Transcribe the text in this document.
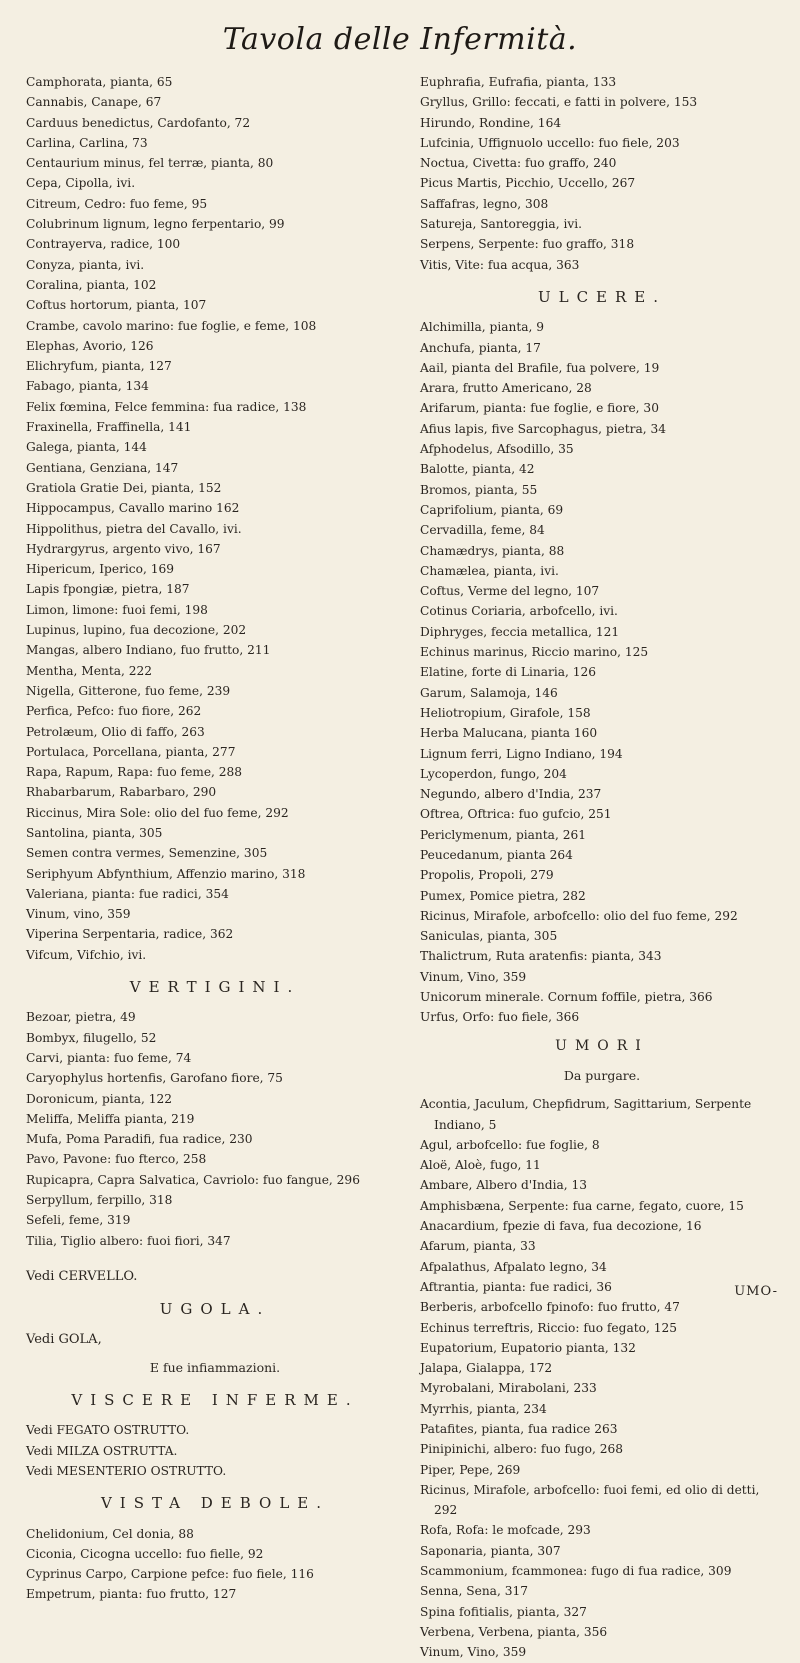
Tavola delle Infermità.
Camphorata, pianta, 65
Cannabis, Canape, 67
Carduus benedictus, Cardofanto, 72
Carlina, Carlina, 73
Centaurium minus, fel terræ, pianta, 80
Cepa, Cipolla, ivi.
Citreum, Cedro: fuo feme, 95
Colubrinum lignum, legno ferpentario, 99
Contrayerva, radice, 100
Conyza, pianta, ivi.
Coralina, pianta, 102
Coftus hortorum, pianta, 107
Crambe, cavolo marino: fue foglie, e feme, 108
Elephas, Avorio, 126
Elichryfum, pianta, 127
Fabago, pianta, 134
Felix fœmina, Felce femmina: fua radice, 138
Fraxinella, Fraffinella, 141
Galega, pianta, 144
Gentiana, Genziana, 147
Gratiola Gratie Dei, pianta, 152
Hippocampus, Cavallo marino 162
Hippolithus, pietra del Cavallo, ivi.
Hydrargyrus, argento vivo, 167
Hipericum, Iperico, 169
Lapis fpongiæ, pietra, 187
Limon, limone: fuoi femi, 198
Lupinus, lupino, fua decozione, 202
Mangas, albero Indiano, fuo frutto, 211
Mentha, Menta, 222
Nigella, Gitterone, fuo feme, 239
Perfica, Pefco: fuo fiore, 262
Petrolæum, Olio di faffo, 263
Portulaca, Porcellana, pianta, 277
Rapa, Rapum, Rapa: fuo feme, 288
Rhabarbarum, Rabarbaro, 290
Riccinus, Mira Sole: olio del fuo feme, 292
Santolina, pianta, 305
Semen contra vermes, Semenzine, 305
Seriphyum Abfynthium, Affenzio marino, 318
Valeriana, pianta: fue radici, 354
Vinum, vino, 359
Viperina Serpentaria, radice, 362
Vifcum, Vifchio, ivi.
VERTIGINI.
Bezoar, pietra, 49
Bombyx, filugello, 52
Carvi, pianta: fuo feme, 74
Caryophylus hortenfis, Garofano fiore, 75
Doronicum, pianta, 122
Meliffa, Meliffa pianta, 219
Mufa, Poma Paradifi, fua radice, 230
Pavo, Pavone: fuo fterco, 258
Rupicapra, Capra Salvatica, Cavriolo: fuo fangue, 296
Serpyllum, ferpillo, 318
Sefeli, feme, 319
Tilia, Tiglio albero: fuoi fiori, 347
Vedi CERVELLO.
UGOLA.
Vedi GOLA,
E fue infiammazioni.
VISCERE INFERME.
Vedi FEGATO OSTRUTTO.
Vedi MILZA OSTRUTTA.
Vedi MESENTERIO OSTRUTTO.
VISTA DEBOLE.
Chelidonium, Cel donia, 88
Ciconia, Cicogna uccello: fuo fielle, 92
Cyprinus Carpo, Carpione pefce: fuo fiele, 116
Empetrum, pianta: fuo frutto, 127
Euphrafia, Eufrafia, pianta, 133
Gryllus, Grillo: feccati, e fatti in polvere, 153
Hirundo, Rondine, 164
Lufcinia, Uffignuolo uccello: fuo fiele, 203
Noctua, Civetta: fuo graffo, 240
Picus Martis, Picchio, Uccello, 267
Saffafras, legno, 308
Satureja, Santoreggia, ivi.
Serpens, Serpente: fuo graffo, 318
Vitis, Vite: fua acqua, 363
ULCERE.
Alchimilla, pianta, 9
Anchufa, pianta, 17
Aail, pianta del Brafile, fua polvere, 19
Arara, frutto Americano, 28
Arifarum, pianta: fue foglie, e fiore, 30
Afius lapis, five Sarcophagus, pietra, 34
Afphodelus, Afsodillo, 35
Balotte, pianta, 42
Bromos, pianta, 55
Caprifolium, pianta, 69
Cervadilla, feme, 84
Chamædrys, pianta, 88
Chamælea, pianta, ivi.
Coftus, Verme del legno, 107
Cotinus Coriaria, arbofcello, ivi.
Diphryges, feccia metallica, 121
Echinus marinus, Riccio marino, 125
Elatine, forte di Linaria, 126
Garum, Salamoja, 146
Heliotropium, Girafole, 158
Herba Malucana, pianta 160
Lignum ferri, Ligno Indiano, 194
Lycoperdon, fungo, 204
Negundo, albero d'India, 237
Oftrea, Oftrica: fuo gufcio, 251
Periclymenum, pianta, 261
Peucedanum, pianta 264
Propolis, Propoli, 279
Pumex, Pomice pietra, 282
Ricinus, Mirafole, arbofcello: olio del fuo feme, 292
Saniculas, pianta, 305
Thalictrum, Ruta aratenfis: pianta, 343
Vinum, Vino, 359
Unicorum minerale. Cornum foffile, pietra, 366
Urfus, Orfo: fuo fiele, 366
UMORI
Da purgare.
Acontia, Jaculum, Chepfidrum, Sagittarium, Serpente Indiano, 5
Agul, arbofcello: fue foglie, 8
Aloë, Aloè, fugo, 11
Ambare, Albero d'India, 13
Amphisbæna, Serpente: fua carne, fegato, cuore, 15
Anacardium, fpezie di fava, fua decozione, 16
Afarum, pianta, 33
Afpalathus, Afpalato legno, 34
Aftrantia, pianta: fue radici, 36
Berberis, arbofcello fpinofo: fuo frutto, 47
Echinus terreftris, Riccio: fuo fegato, 125
Eupatorium, Eupatorio pianta, 132
Jalapa, Gialappa, 172
Myrobalani, Mirabolani, 233
Myrrhis, pianta, 234
Patafites, pianta, fua radice 263
Pinipinichi, albero: fuo fugo, 268
Piper, Pepe, 269
Ricinus, Mirafole, arbofcello: fuoi femi, ed olio di detti, 292
Rofa, Rofa: le mofcade, 293
Saponaria, pianta, 307
Scammonium, fcammonea: fugo di fua radice, 309
Senna, Sena, 317
Spina fofitialis, pianta, 327
Verbena, Verbena, pianta, 356
Vinum, Vino, 359
UMO-
